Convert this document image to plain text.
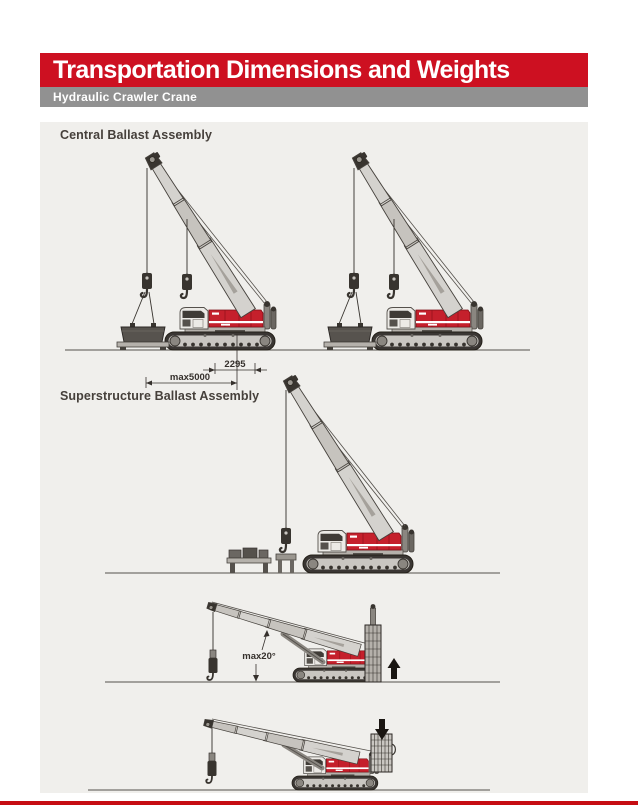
Transportation Dimensions and Weights
Hydraulic Crawler Crane
Central Ballast Assembly
Superstructure Ballast Assembly
2295
max5000
max20°
